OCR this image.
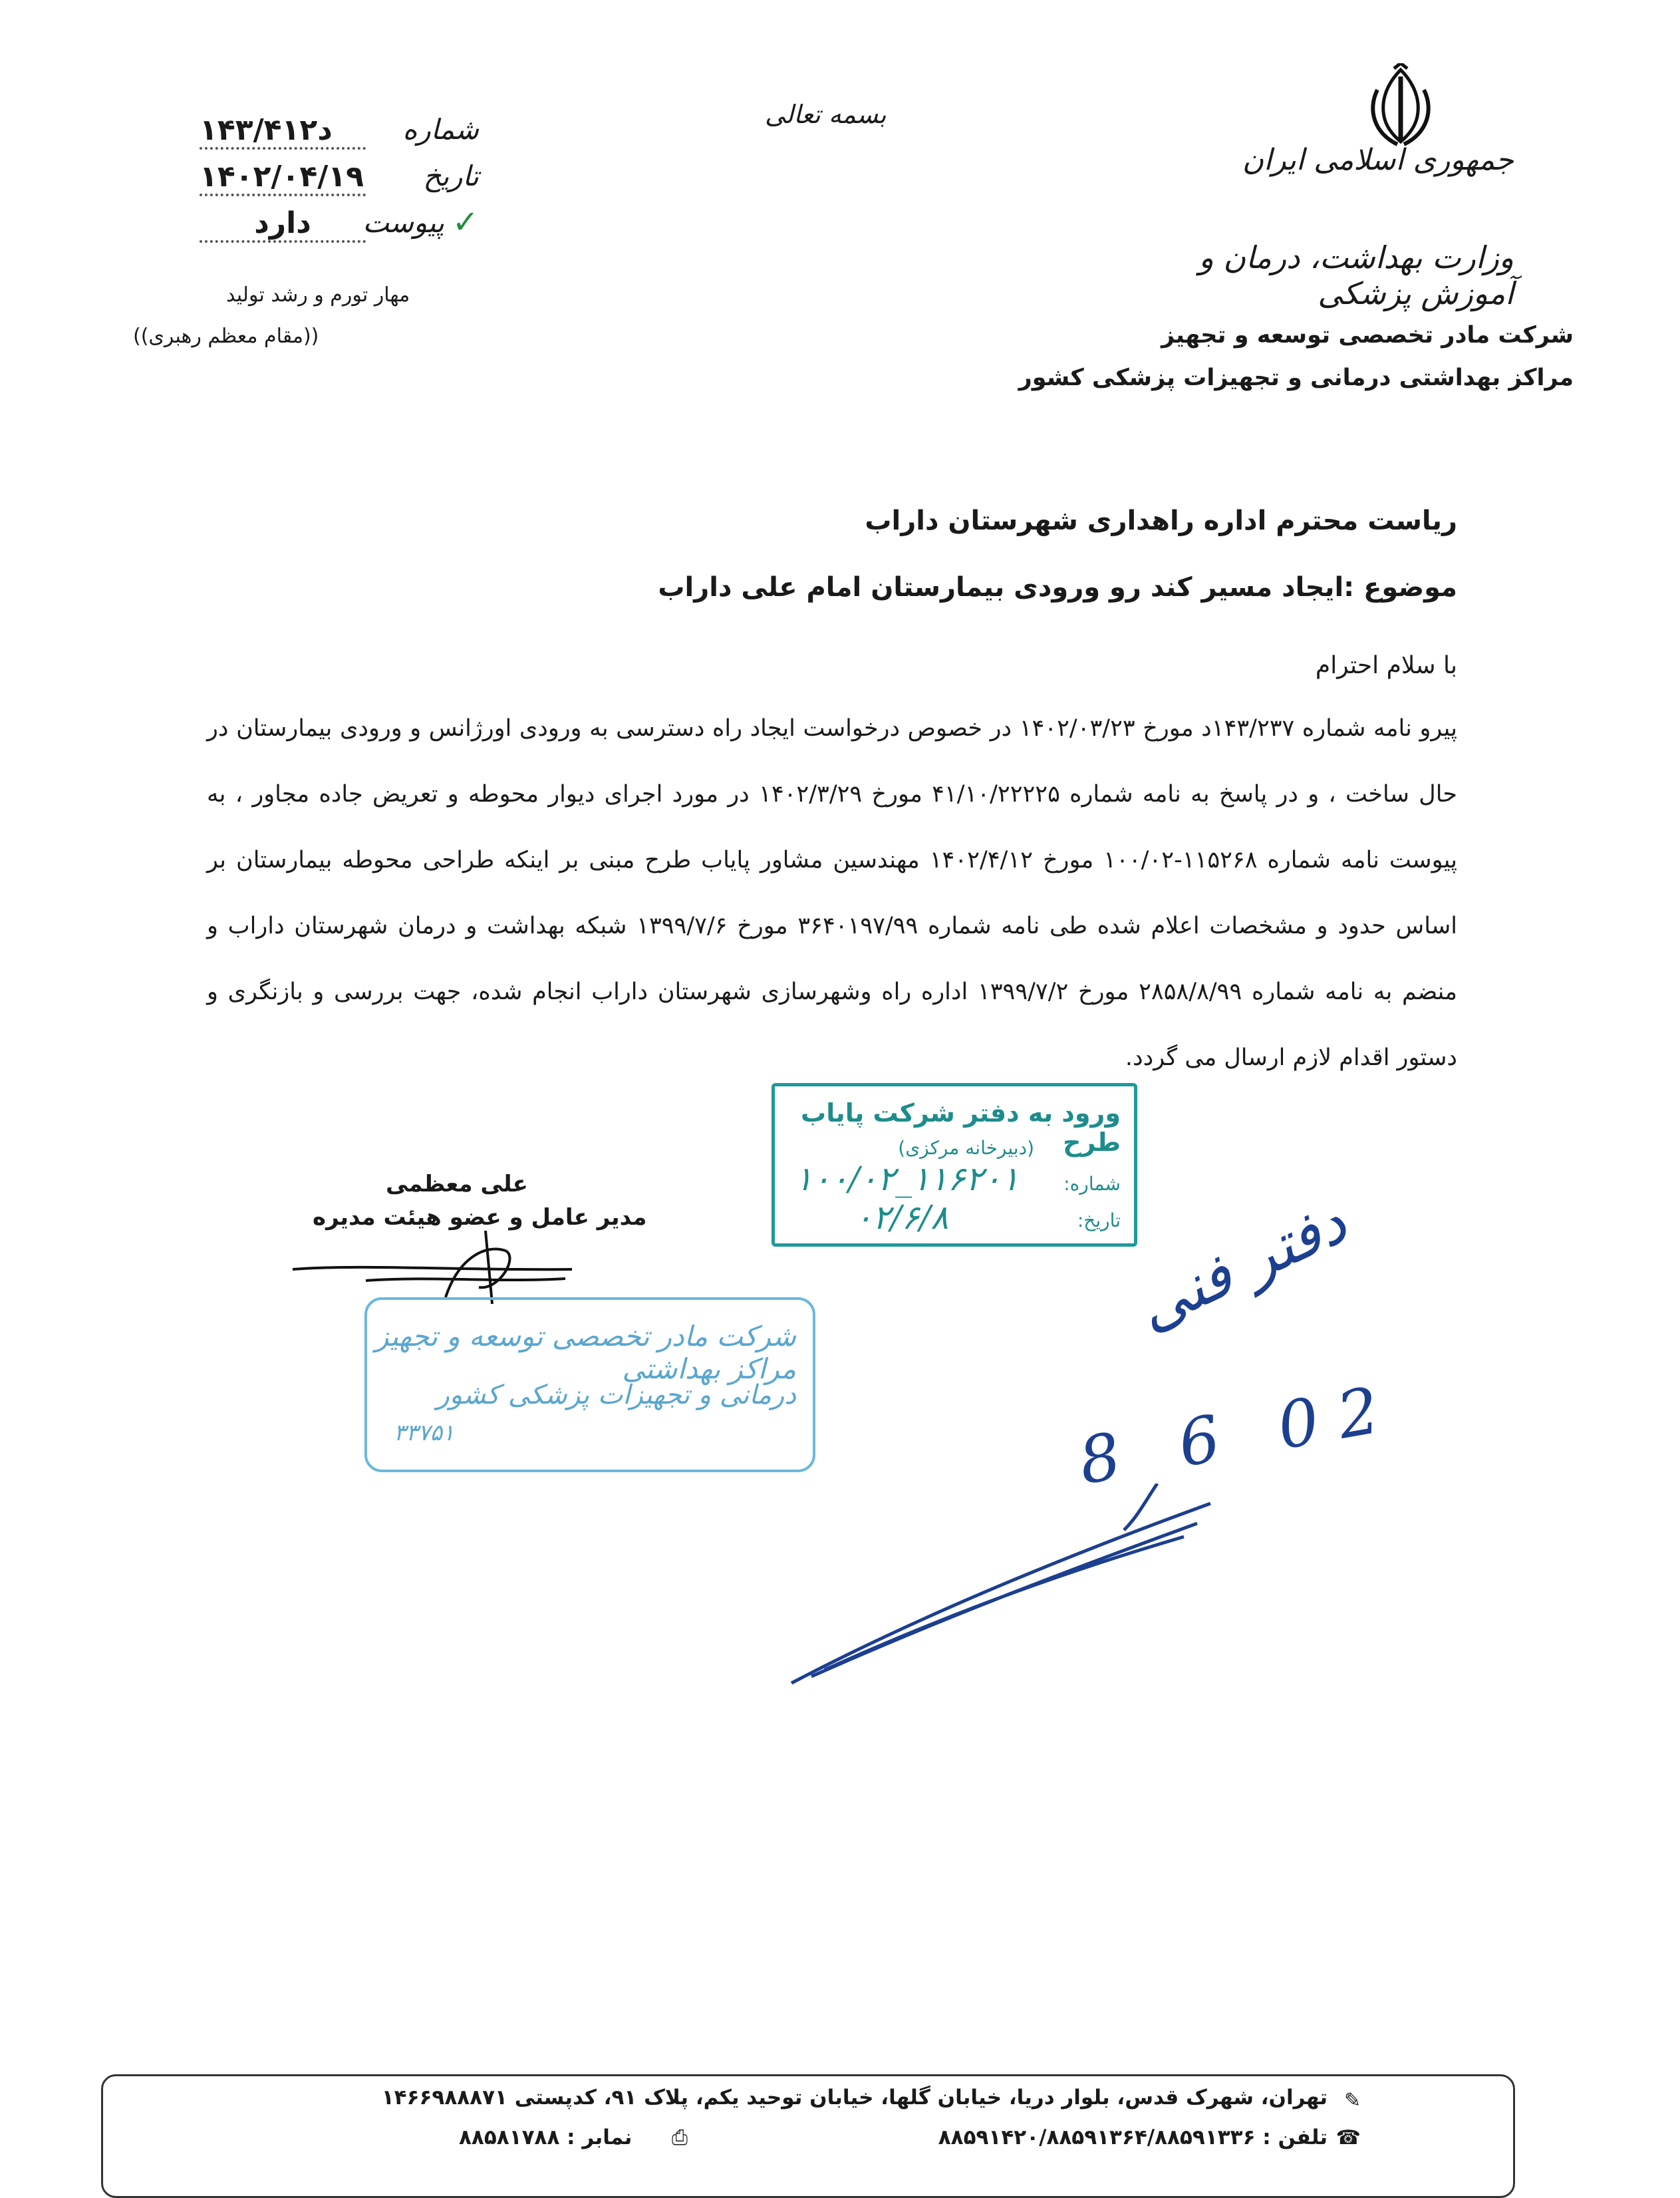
جمهوری اسلامی ایران
وزارت بهداشت، درمان و آموزش پزشکی
شرکت مادر تخصصی توسعه و تجهیز
مراکز بهداشتی درمانی و تجهیزات پزشکی کشور
بسمه تعالی
شماره
۱۴۳/۴۱۲د
تاریخ
۱۴۰۲/۰۴/۱۹
پیوست ✓
دارد
مهار تورم و رشد تولید
((مقام معظم رهبری))
ریاست محترم اداره راهداری شهرستان داراب
موضوع :ایجاد مسیر کند رو ورودی بیمارستان امام علی داراب
با سلام احترام
پیرو نامه شماره ۱۴۳/۲۳۷د مورخ ۱۴۰۲/۰۳/۲۳ در خصوص درخواست ایجاد راه دسترسی به ورودی اورژانس و ورودی بیمارستان در حال ساخت ، و در پاسخ به نامه شماره ۴۱/۱۰/۲۲۲۲۵ مورخ ۱۴۰۲/۳/۲۹ در مورد اجرای دیوار محوطه و تعریض جاده مجاور ، به پیوست نامه شماره ۱۱۵۲۶۸-۱۰۰/۰۲ مورخ ۱۴۰۲/۴/۱۲ مهندسین مشاور پایاب طرح مبنی بر اینکه طراحی محوطه بیمارستان بر اساس حدود و مشخصات اعلام شده طی نامه شماره ۳۶۴۰۱۹۷/۹۹ مورخ ۱۳۹۹/۷/۶ شبکه بهداشت و درمان شهرستان داراب و منضم به نامه شماره ۲۸۵۸/۸/۹۹ مورخ ۱۳۹۹/۷/۲ اداره راه وشهرسازی شهرستان داراب انجام شده، جهت بررسی و بازنگری و دستور اقدام لازم ارسال می گردد.
ورود به دفتر شرکت پایاب طرح
(دبیرخانه مرکزی)
شماره:
۱۰۰/۰۲_۱۱۶۲۰۱
تاریخ:
۰۲/۶/۸
علی معظمی
مدیر عامل و عضو هیئت مدیره
شرکت مادر تخصصی توسعه و تجهیز مراکز بهداشتی
درمانی و تجهیزات پزشکی کشور
۳۳۷۵۱
دفتر فنی
8 6 02
تهران، شهرک قدس، بلوار دریا، خیابان گلها، خیابان توحید یکم، پلاک ۹۱، کدپستی ۱۴۶۶۹۸۸۸۷۱
تلفن : ۸۸۵۹۱۴۲۰/۸۸۵۹۱۳۶۴/۸۸۵۹۱۳۳۶
نمابر : ۸۸۵۸۱۷۸۸
✎
☎
⎙
